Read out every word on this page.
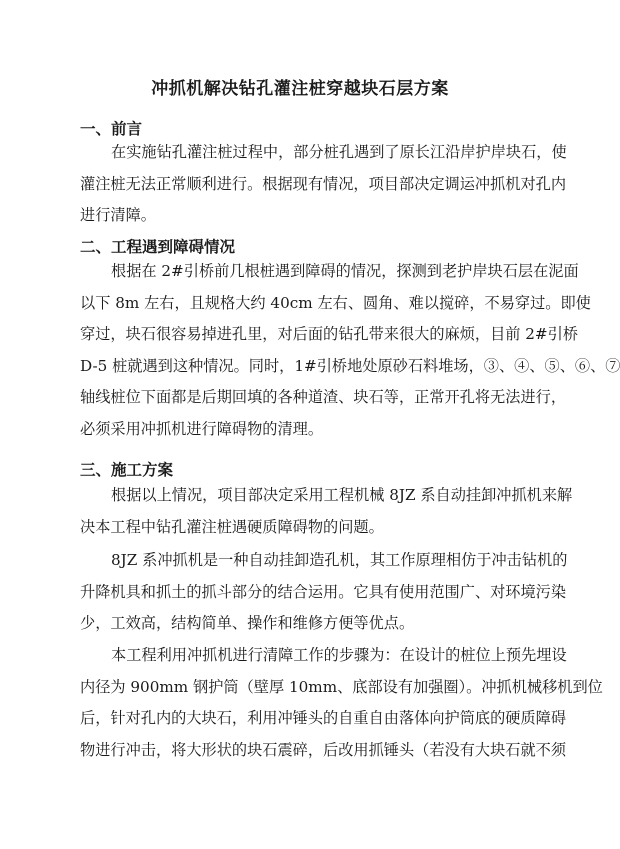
冲抓机解决钻孔灌注桩穿越块石层方案
一、前言
在实施钻孔灌注桩过程中，部分桩孔遇到了原长江沿岸护岸块石，使
灌注桩无法正常顺利进行。根据现有情况，项目部决定调运冲抓机对孔内
进行清障。
二、工程遇到障碍情况
根据在 2#引桥前几根桩遇到障碍的情况，探测到老护岸块石层在泥面
以下 8m 左右，且规格大约 40cm 左右、圆角、难以搅碎，不易穿过。即使
穿过，块石很容易掉进孔里，对后面的钻孔带来很大的麻烦，目前 2#引桥
D-5 桩就遇到这种情况。同时，1#引桥地处原砂石料堆场，③、④、⑤、⑥、⑦
轴线桩位下面都是后期回填的各种道渣、块石等，正常开孔将无法进行，
必须采用冲抓机进行障碍物的清理。
三、施工方案
根据以上情况，项目部决定采用工程机械 8JZ 系自动挂卸冲抓机来解
决本工程中钻孔灌注桩遇硬质障碍物的问题。
8JZ 系冲抓机是一种自动挂卸造孔机，其工作原理相仿于冲击钻机的
升降机具和抓土的抓斗部分的结合运用。它具有使用范围广、对环境污染
少，工效高，结构简单、操作和维修方便等优点。
本工程利用冲抓机进行清障工作的步骤为：在设计的桩位上预先埋设
内径为 900mm 钢护筒（壁厚 10mm、底部设有加强圈）。冲抓机械移机到位
后，针对孔内的大块石，利用冲锤头的自重自由落体向护筒底的硬质障碍
物进行冲击，将大形状的块石震碎，后改用抓锤头（若没有大块石就不须
